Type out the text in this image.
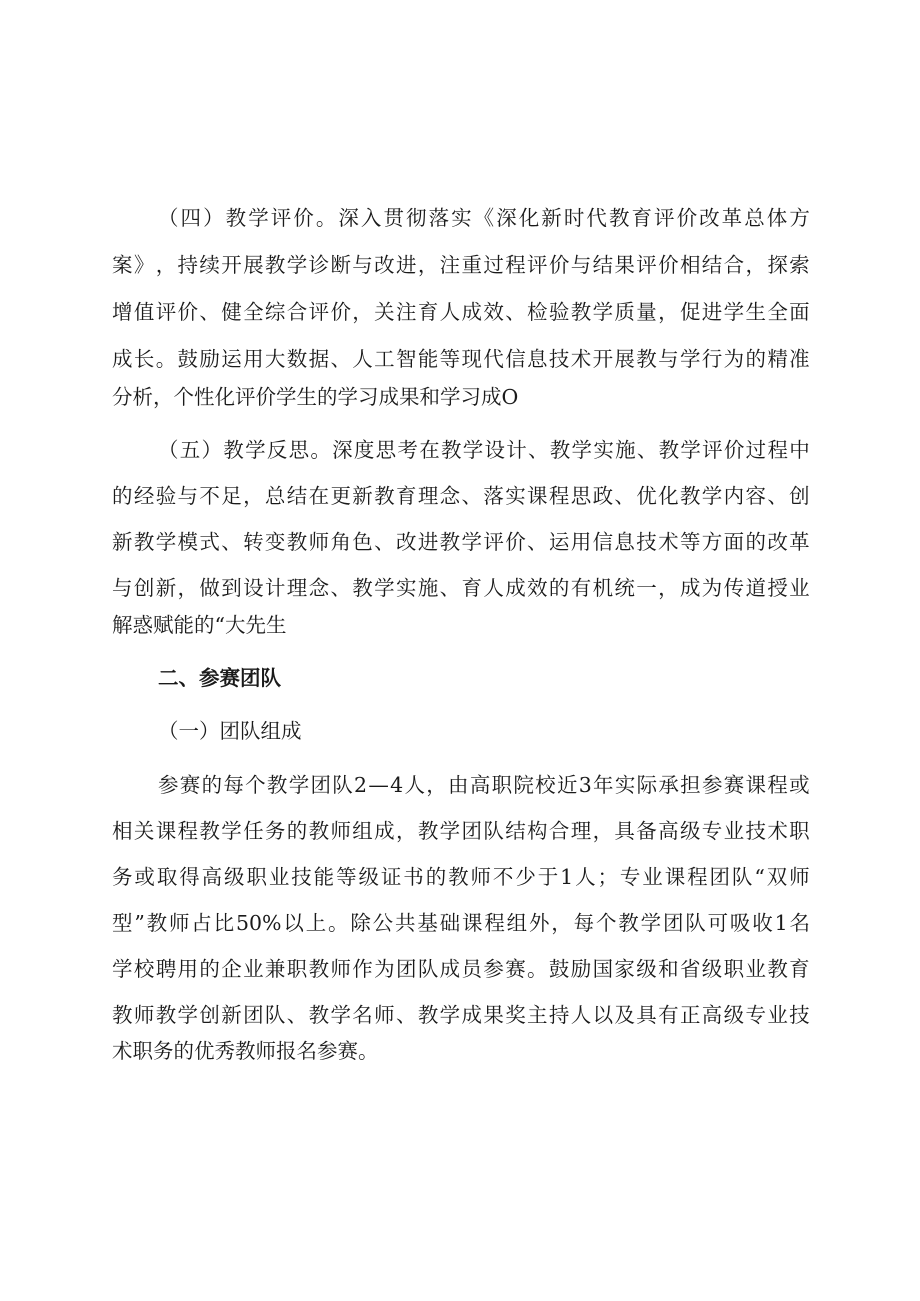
（ 四 ） 教 学 评 价 。 深 入 贯 彻 落 实 《 深 化 新 时 代 教 育 评 价 改 革 总 体 方
案 》 ， 持 续 开 展 教 学 诊 断 与 改 进 ， 注 重 过 程 评 价 与 结 果 评 价 相 结 合 ， 探 索
增 值 评 价 、 健 全 综 合 评 价 ， 关 注 育 人 成 效 、 检 验 教 学 质 量 ， 促 进 学 生 全 面
成 长 。 鼓 励 运 用 大 数 据 、 人 工 智 能 等 现 代 信 息 技 术 开 展 教 与 学 行 为 的 精 准
分析，个性化评价学生的学习成果和学习成O
（ 五 ） 教 学 反 思 。 深 度 思 考 在 教 学 设 计 、 教 学 实 施 、 教 学 评 价 过 程 中
的 经 验 与 不 足 ， 总 结 在 更 新 教 育 理 念 、 落 实 课 程 思 政 、 优 化 教 学 内 容 、 创
新 教 学 模 式 、 转 变 教 师 角 色 、 改 进 教 学 评 价 、 运 用 信 息 技 术 等 方 面 的 改 革
与 创 新 ， 做 到 设 计 理 念 、 教 学 实 施 、 育 人 成 效 的 有 机 统 一 ， 成 为 传 道 授 业
解惑赋能的“大先生
二、参赛团队
（一）团队组成
参 赛 的 每 个 教 学 团 队 2 — 4 人 ， 由 高 职 院 校 近 3 年 实 际 承 担 参 赛 课 程 或
相 关 课 程 教 学 任 务 的 教 师 组 成 ， 教 学 团 队 结 构 合 理 ， 具 备 高 级 专 业 技 术 职
务 或 取 得 高 级 职 业 技 能 等 级 证 书 的 教 师 不 少 于 1 人 ； 专 业 课 程 团 队 “ 双 师
型 ” 教 师 占 比 50% 以 上 。 除 公 共 基 础 课 程 组 外 ， 每 个 教 学 团 队 可 吸 收 1 名
学 校 聘 用 的 企 业 兼 职 教 师 作 为 团 队 成 员 参 赛 。 鼓 励 国 家 级 和 省 级 职 业 教 育
教 师 教 学 创 新 团 队 、 教 学 名 师 、 教 学 成 果 奖 主 持 人 以 及 具 有 正 高 级 专 业 技
术职务的优秀教师报名参赛。
